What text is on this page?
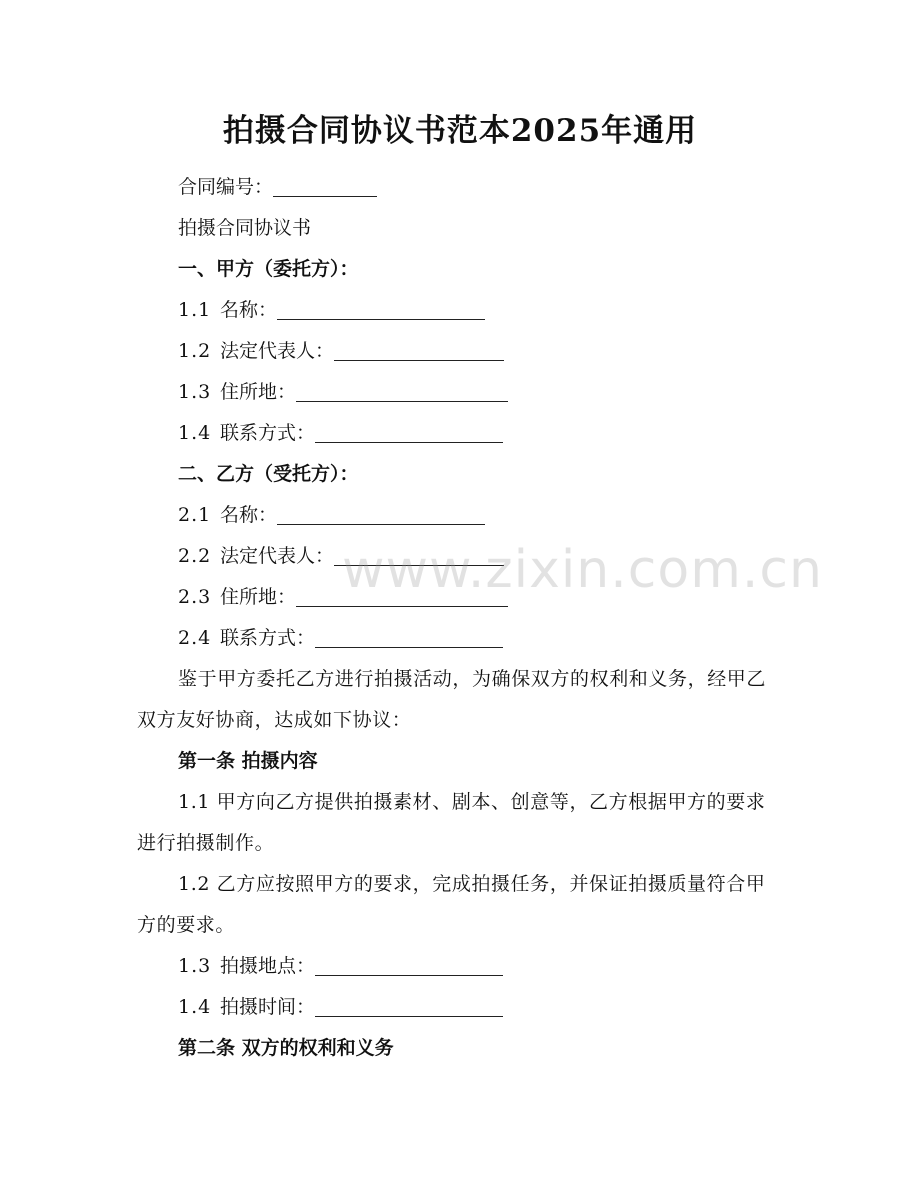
拍摄合同协议书范本2025年通用
合同编号：
拍摄合同协议书
一、甲方（委托方）：
1.1 名称：
1.2 法定代表人：
1.3 住所地：
1.4 联系方式：
二、乙方（受托方）：
2.1 名称：
2.2 法定代表人：
2.3 住所地：
2.4 联系方式：
鉴于甲方委托乙方进行拍摄活动，为确保双方的权利和义务，经甲乙双方友好协商，达成如下协议：
第一条 拍摄内容
1.1 甲方向乙方提供拍摄素材、剧本、创意等，乙方根据甲方的要求进行拍摄制作。
1.2 乙方应按照甲方的要求，完成拍摄任务，并保证拍摄质量符合甲方的要求。
1.3 拍摄地点：
1.4 拍摄时间：
第二条 双方的权利和义务
www.zixin.com.cn
